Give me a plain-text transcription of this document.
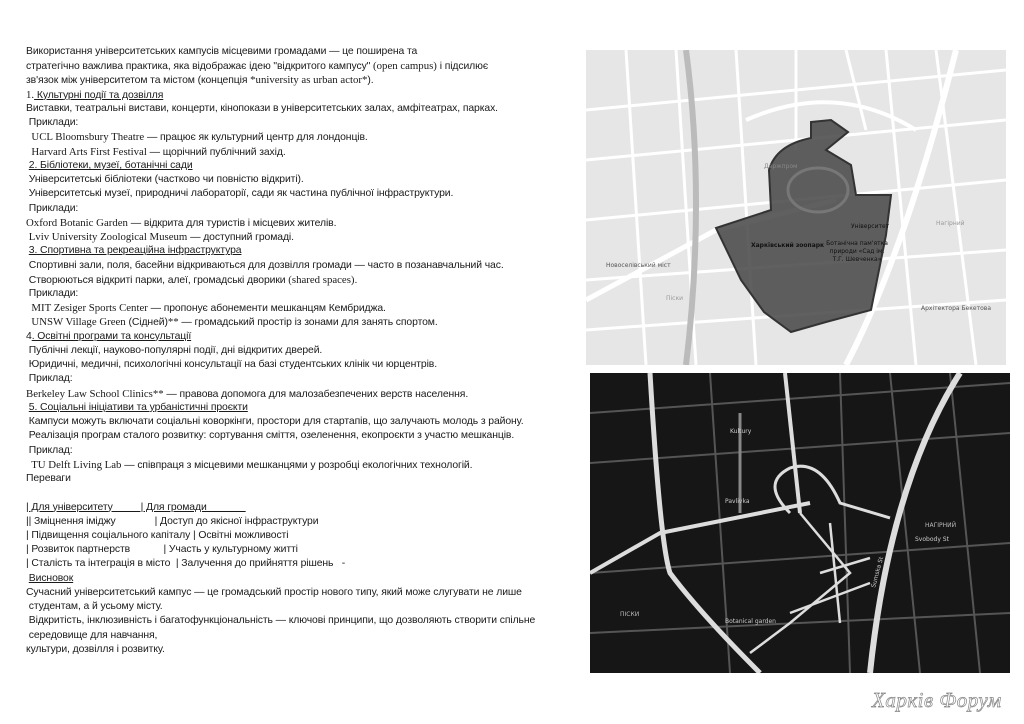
Використання університетських кампусів місцевими громадами — це поширена та
стратегічно важлива практика, яка відображає ідею "відкритого кампусу" (open campus) і підсилює
зв'язок між університетом та містом (концепція *university as urban actor*).
1. Культурні події та дозвілля
Виставки, театральні вистави, концерти, кінопокази в університетських залах, амфітеатрах, парках.
Приклади:
UCL Bloomsbury Theatre — працює як культурний центр для лондонців.
Harvard Arts First Festival — щорічний публічний захід.
2. Бібліотеки, музеї, ботанічні сади
Університетські бібліотеки (частково чи повністю відкриті).
Університетські музеї, природничі лабораторії, сади як частина публічної інфраструктури.
Приклади:
Oxford Botanic Garden — відкрита для туристів і місцевих жителів.
Lviv University Zoological Museum — доступний громаді.
3. Спортивна та рекреаційна інфраструктура
Спортивні зали, поля, басейни відкриваються для дозвілля громади — часто в позанавчальний час.
Створюються відкриті парки, алеї, громадські дворики (shared spaces).
Приклади:
MIT Zesiger Sports Center — пропонує абонементи мешканцям Кембриджа.
UNSW Village Green (Сідней)** — громадський простір із зонами для занять спортом.
4. Освітні програми та консультації
Публічні лекції, науково-популярні події, дні відкритих дверей.
Юридичні, медичні, психологічні консультації на базі студентських клінік чи юрцентрів.
Приклад:
Berkeley Law School Clinics** — правова допомога для малозабезпечених верств населення.
5. Соціальні ініціативи та урбаністичні проєкти
Кампуси можуть включати соціальні коворкінги, простори для стартапів, що залучають молодь з району.
Реалізація програм сталого розвитку: сортування сміття, озеленення, екопроєкти з участю мешканців.
Приклад:
TU Delft Living Lab — співпраця з місцевими мешканцями у розробці екологічних технологій.
Переваги
| Для університету          | Для громади
|| Зміцнення іміджу              | Доступ до якісної інфраструктури
| Підвищення соціального капіталу | Освітні можливості
| Розвиток партнерств            | Участь у культурному житті
| Сталість та інтеграція в місто  | Залучення до прийняття рішень   -
Висновок
Сучасний університетський кампус — це громадський простір нового типу, який може слугувати не лише
студентам, а й усьому місту.
Відкритість, інклюзивність і багатофункціональність — ключові принципи, що дозволяють створити спільне
середовище для навчання,
культури, дозвілля і розвитку.
Харківський зоопарк
Держпром
Нагірний
Піски
Новоселівський міст
Архітектора Бекетова
Університет
Ботанічна пам'ятка природи «Сад ім. Т.Г. Шевченка»
НАГІРНИЙ
ПІСКИ
Svobody St
Botanical garden
Sumska St
Kultury
Pavlivka
Харків Форум
